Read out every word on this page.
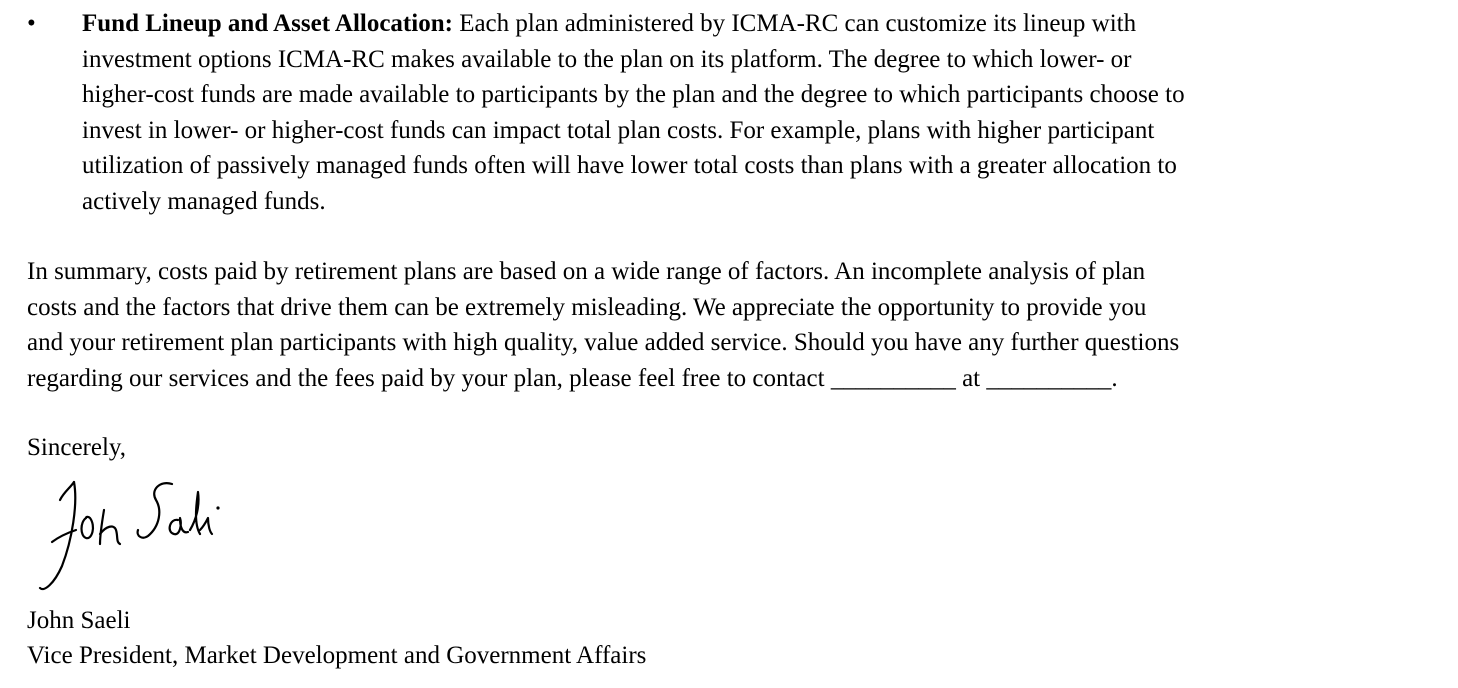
•	Fund Lineup and Asset Allocation: Each plan administered by ICMA-RC can customize its lineup with
investment options ICMA-RC makes available to the plan on its platform. The degree to which lower- or
higher-cost funds are made available to participants by the plan and the degree to which participants choose to
invest in lower- or higher-cost funds can impact total plan costs. For example, plans with higher participant
utilization of passively managed funds often will have lower total costs than plans with a greater allocation to
actively managed funds.
In summary, costs paid by retirement plans are based on a wide range of factors. An incomplete analysis of plan
costs and the factors that drive them can be extremely misleading. We appreciate the opportunity to provide you
and your retirement plan participants with high quality, value added service. Should you have any further questions
regarding our services and the fees paid by your plan, please feel free to contact __________ at __________.
Sincerely,
John Saeli
Vice President, Market Development and Government Affairs
